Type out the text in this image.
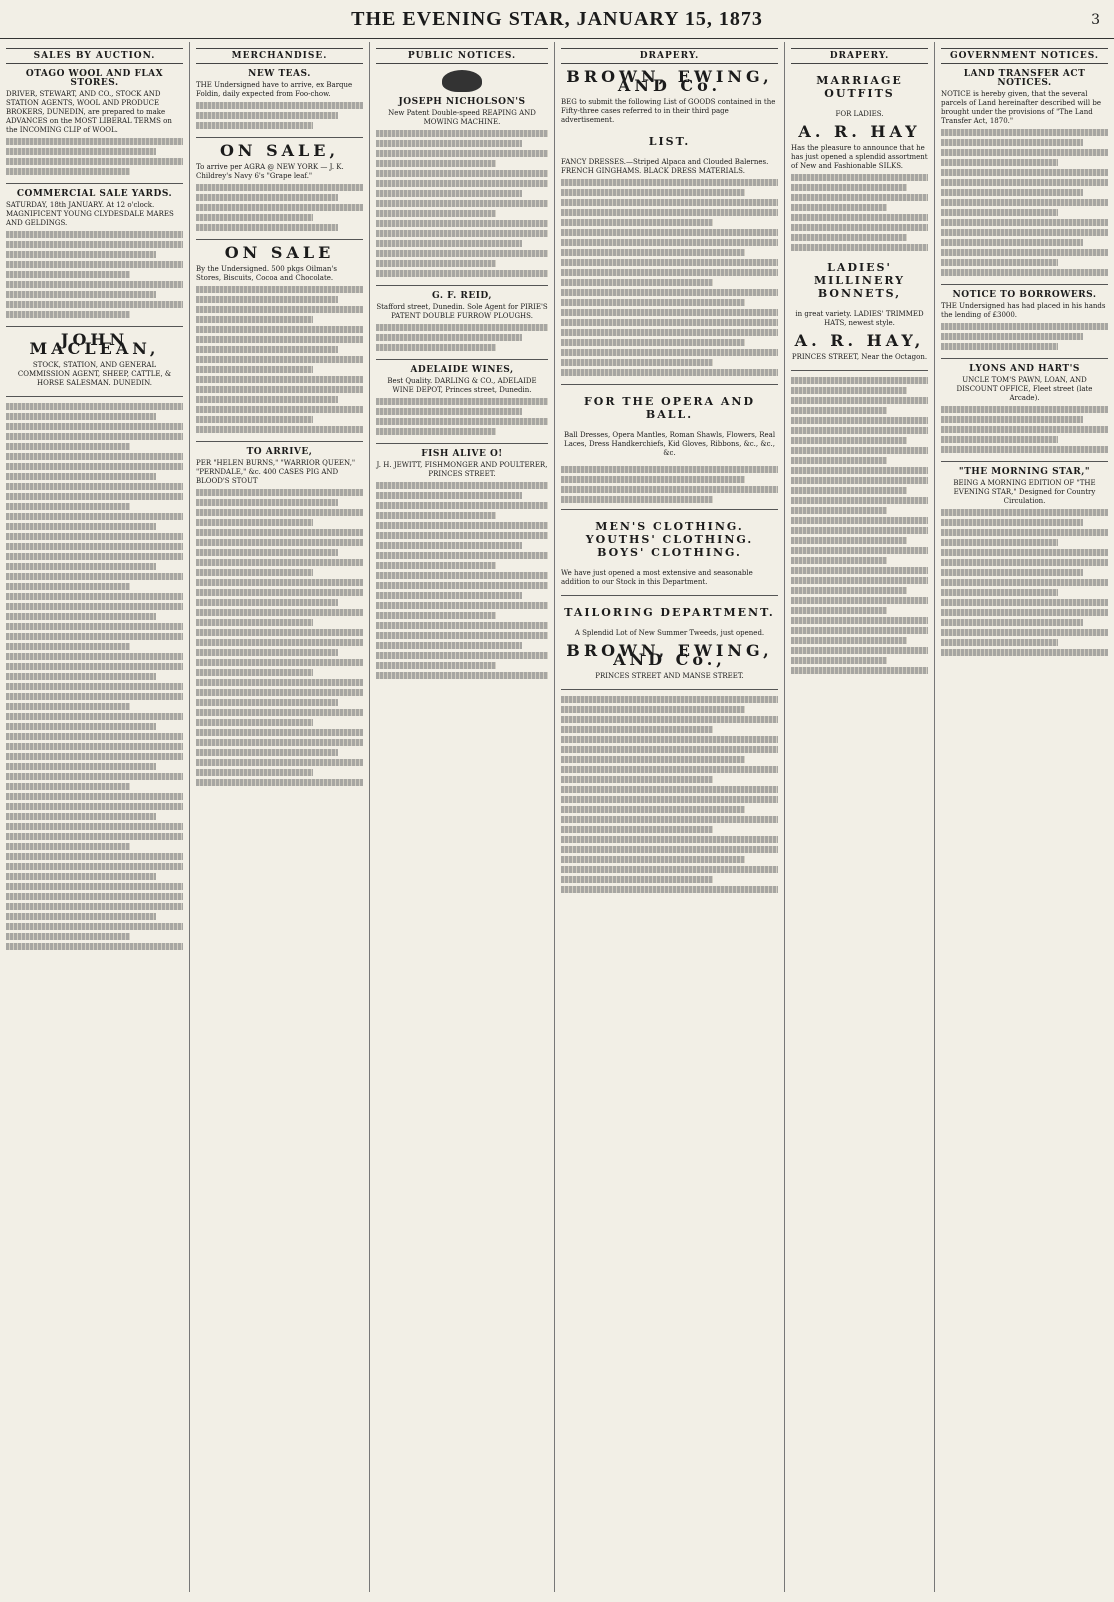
THE EVENING STAR, JANUARY 15, 1873	3
SALES BY AUCTION.
OTAGO WOOL AND FLAX STORES.
DRIVER, STEWART, AND CO., STOCK AND STATION AGENTS, WOOL AND PRODUCE BROKERS, DUNEDIN, are prepared to make ADVANCES on the MOST LIBERAL TERMS on the INCOMING CLIP of WOOL.
COMMERCIAL SALE YARDS.
SATURDAY, 18th JANUARY. At 12 o'clock. MAGNIFICENT YOUNG CLYDESDALE MARES AND GELDINGS.
JOHN MACLEAN,
STOCK, STATION, AND GENERAL COMMISSION AGENT, SHEEP, CATTLE, & HORSE SALESMAN. DUNEDIN.
MERCHANDISE.
NEW TEAS.
THE Undersigned have to arrive, ex Barque Foldin, daily expected from Foo-chow.
ON SALE,
To arrive per AGRA @ NEW YORK — J. K. Childrey's Navy 6's "Grape leaf."
ON SALE
By the Undersigned. 500 pkgs Oilman's Stores, Biscuits, Cocoa and Chocolate.
TO ARRIVE,
PER "HELEN BURNS," "WARRIOR QUEEN," "PERNDALE," &c. 400 CASES PIG AND BLOOD'S STOUT
PUBLIC NOTICES.
JOSEPH NICHOLSON'S
New Patent Double-speed REAPING AND MOWING MACHINE.
G. F. REID,
Stafford street, Dunedin. Sole Agent for PIRIE'S PATENT DOUBLE FURROW PLOUGHS.
ADELAIDE WINES,
Best Quality. DARLING & CO., ADELAIDE WINE DEPOT, Princes street, Dunedin.
FISH ALIVE O!
J. H. JEWITT, FISHMONGER AND POULTERER, PRINCES STREET.
DRAPERY.
BROWN, EWING, AND Co.
BEG to submit the following List of GOODS contained in the Fifty-three cases referred to in their third page advertisement.
LIST.
FANCY DRESSES.—Striped Alpaca and Clouded Balernes. FRENCH GINGHAMS. BLACK DRESS MATERIALS.
FOR THE OPERA AND BALL.
Ball Dresses, Opera Mantles, Roman Shawls, Flowers, Real Laces, Dress Handkerchiefs, Kid Gloves, Ribbons, &c., &c., &c.
MEN'S CLOTHING. YOUTHS' CLOTHING. BOYS' CLOTHING.
We have just opened a most extensive and seasonable addition to our Stock in this Department.
TAILORING DEPARTMENT.
A Splendid Lot of New Summer Tweeds, just opened.
BROWN, EWING, AND Co.,
PRINCES STREET AND MANSE STREET.
DRAPERY.
MARRIAGE OUTFITS
FOR LADIES.
A. R. HAY
Has the pleasure to announce that he has just opened a splendid assortment of New and Fashionable SILKS.
LADIES' MILLINERY BONNETS,
in great variety. LADIES' TRIMMED HATS, newest style.
A. R. HAY,
PRINCES STREET, Near the Octagon.
GOVERNMENT NOTICES.
LAND TRANSFER ACT NOTICES.
NOTICE is hereby given, that the several parcels of Land hereinafter described will be brought under the provisions of "The Land Transfer Act, 1870."
NOTICE TO BORROWERS.
THE Undersigned has had placed in his hands the lending of £3000.
LYONS AND HART'S
UNCLE TOM'S PAWN, LOAN, AND DISCOUNT OFFICE, Fleet street (late Arcade).
"THE MORNING STAR,"
BEING A MORNING EDITION OF "THE EVENING STAR," Designed for Country Circulation.
